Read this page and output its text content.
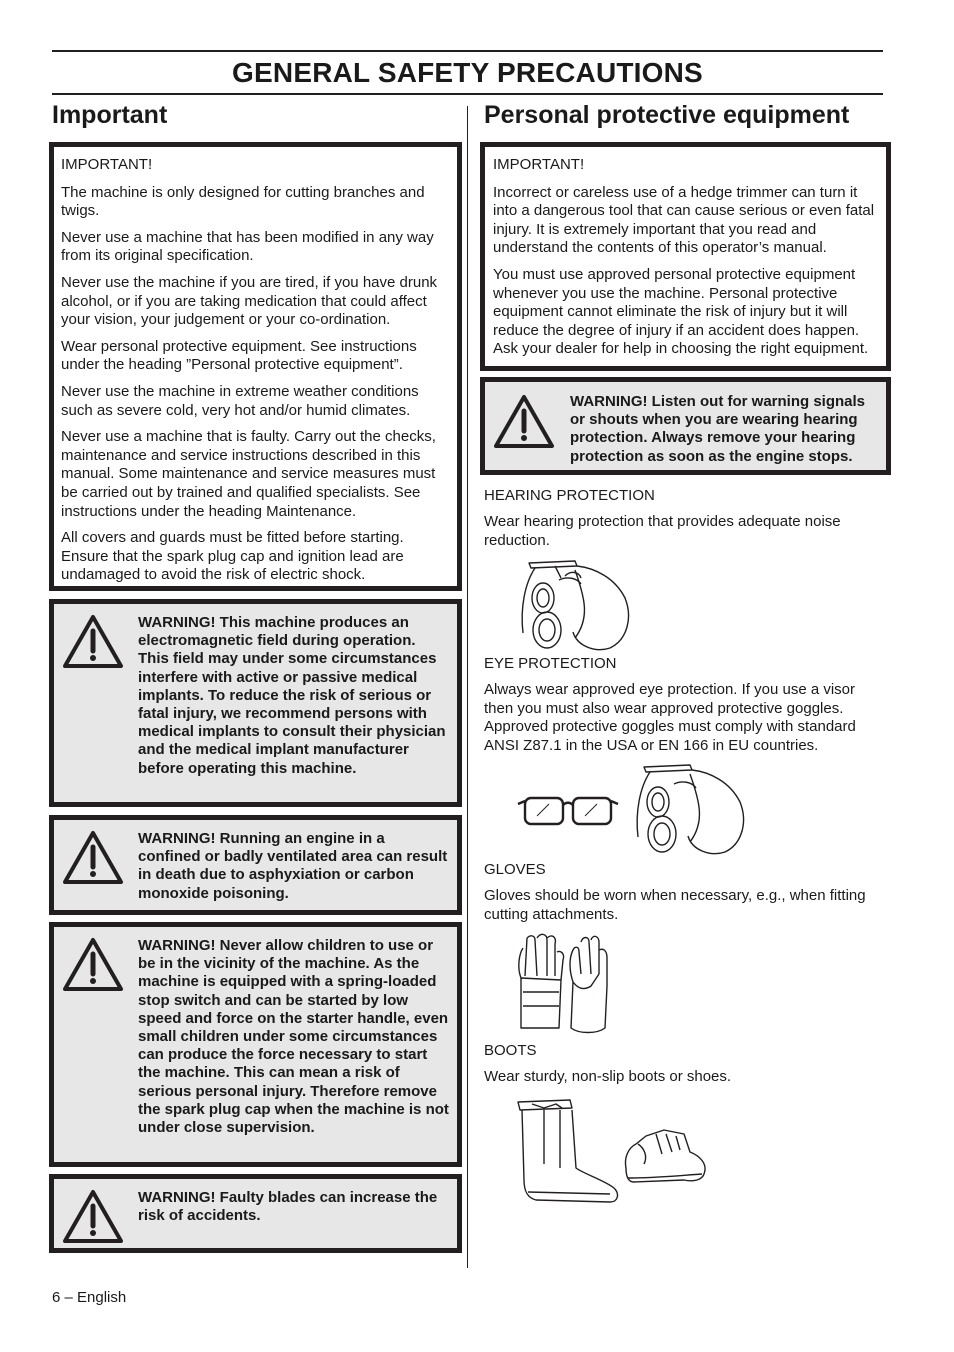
GENERAL SAFETY PRECAUTIONS
Important	Personal protective equipment

IMPORTANT!

The machine is only designed for cutting branches and twigs.

Never use a machine that has been modified in any way from its original specification.

Never use the machine if you are tired, if you have drunk alcohol, or if you are taking medication that could affect your vision, your judgement or your co-ordination.

Wear personal protective equipment. See instructions under the heading ”Personal protective equipment”.

Never use the machine in extreme weather conditions such as severe cold, very hot and/or humid climates.

Never use a machine that is faulty. Carry out the checks, maintenance and service instructions described in this manual. Some maintenance and service measures must be carried out by trained and qualified specialists. See instructions under the heading Maintenance.

All covers and guards must be fitted before starting. Ensure that the spark plug cap and ignition lead are undamaged to avoid the risk of electric shock.

WARNING! This machine produces an electromagnetic field during operation. This field may under some circumstances interfere with active or passive medical implants. To reduce the risk of serious or fatal injury, we recommend persons with medical implants to consult their physician and the medical implant manufacturer before operating this machine.

WARNING! Running an engine in a confined or badly ventilated area can result in death due to asphyxiation or carbon monoxide poisoning.

WARNING! Never allow children to use or be in the vicinity of the machine. As the machine is equipped with a spring-loaded stop switch and can be started by low speed and force on the starter handle, even small children under some circumstances can produce the force necessary to start the machine. This can mean a risk of serious personal injury. Therefore remove the spark plug cap when the machine is not under close supervision.

WARNING! Faulty blades can increase the risk of accidents.

IMPORTANT!

Incorrect or careless use of a hedge trimmer can turn it into a dangerous tool that can cause serious or even fatal injury. It is extremely important that you read and understand the contents of this operator’s manual.

You must use approved personal protective equipment whenever you use the machine. Personal protective equipment cannot eliminate the risk of injury but it will reduce the degree of injury if an accident does happen. Ask your dealer for help in choosing the right equipment.

WARNING! Listen out for warning signals or shouts when you are wearing hearing protection. Always remove your hearing protection as soon as the engine stops.

HEARING PROTECTION

Wear hearing protection that provides adequate noise reduction.

EYE PROTECTION

Always wear approved eye protection. If you use a visor then you must also wear approved protective goggles. Approved protective goggles must comply with standard ANSI Z87.1 in the USA or EN 166 in EU countries.

GLOVES

Gloves should be worn when necessary, e.g., when fitting cutting attachments.

BOOTS

Wear sturdy, non-slip boots or shoes.

6 – English
